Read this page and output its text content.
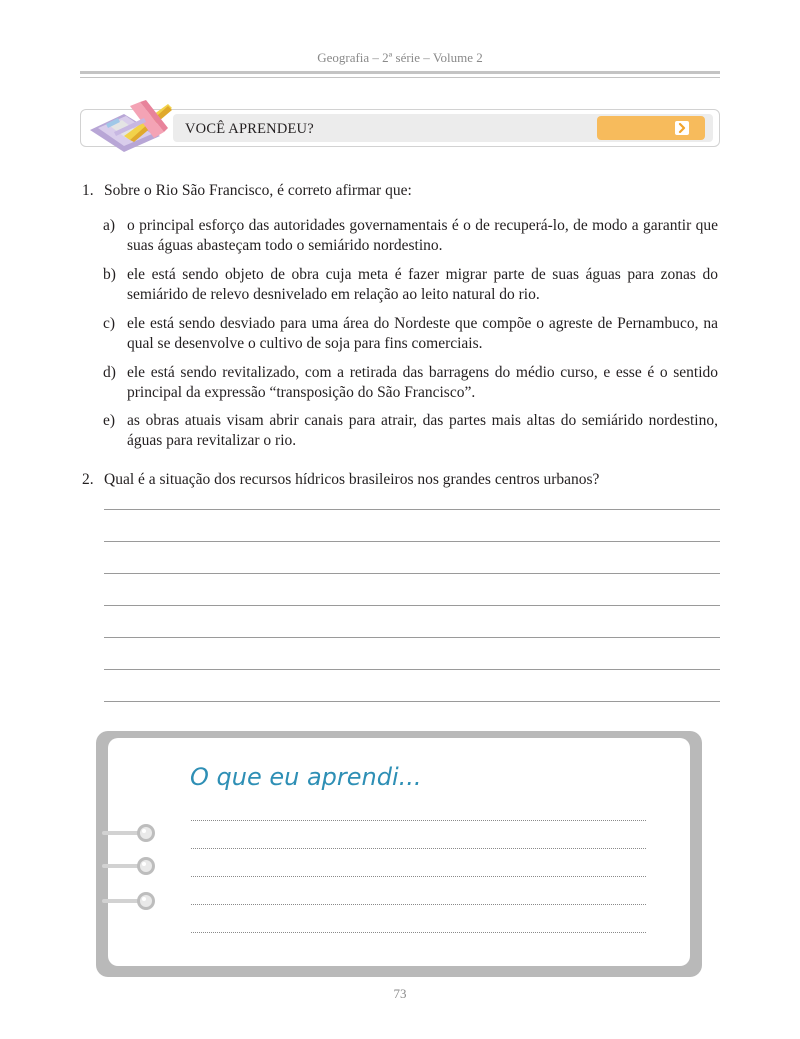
Geografia – 2ª série – Volume 2
VOCÊ APRENDEU?
1. Sobre o Rio São Francisco, é correto afirmar que:
a) o principal esforço das autoridades governamentais é o de recuperá-lo, de modo a garantir que suas águas abasteçam todo o semiárido nordestino.
b) ele está sendo objeto de obra cuja meta é fazer migrar parte de suas águas para zonas do semiárido de relevo desnivelado em relação ao leito natural do rio.
c) ele está sendo desviado para uma área do Nordeste que compõe o agreste de Pernambuco, na qual se desenvolve o cultivo de soja para fins comerciais.
d) ele está sendo revitalizado, com a retirada das barragens do médio curso, e esse é o sentido principal da expressão “transposição do São Francisco”.
e) as obras atuais visam abrir canais para atrair, das partes mais altas do semiárido nordestino, águas para revitalizar o rio.
2. Qual é a situação dos recursos hídricos brasileiros nos grandes centros urbanos?
O que eu aprendi...
73
